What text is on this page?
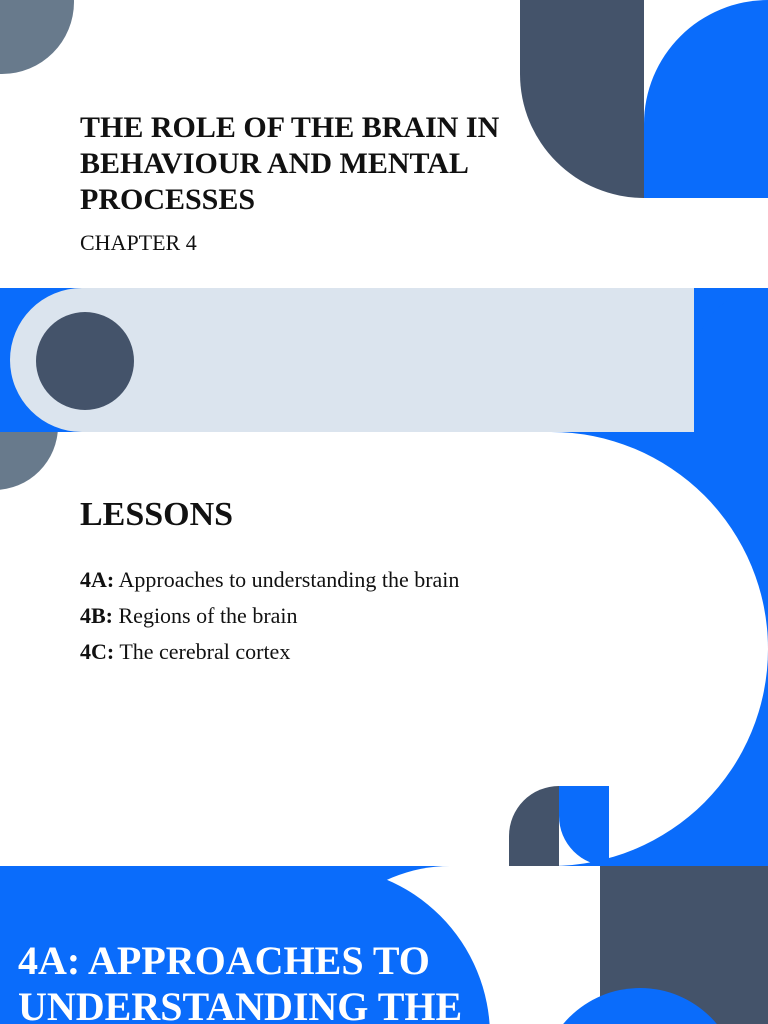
THE ROLE OF THE BRAIN IN BEHAVIOUR AND MENTAL PROCESSES

CHAPTER 4

LESSONS
4A: Approaches to understanding the brain
4B: Regions of the brain
4C: The cerebral cortex
4A: APPROACHES TO
UNDERSTANDING THE
